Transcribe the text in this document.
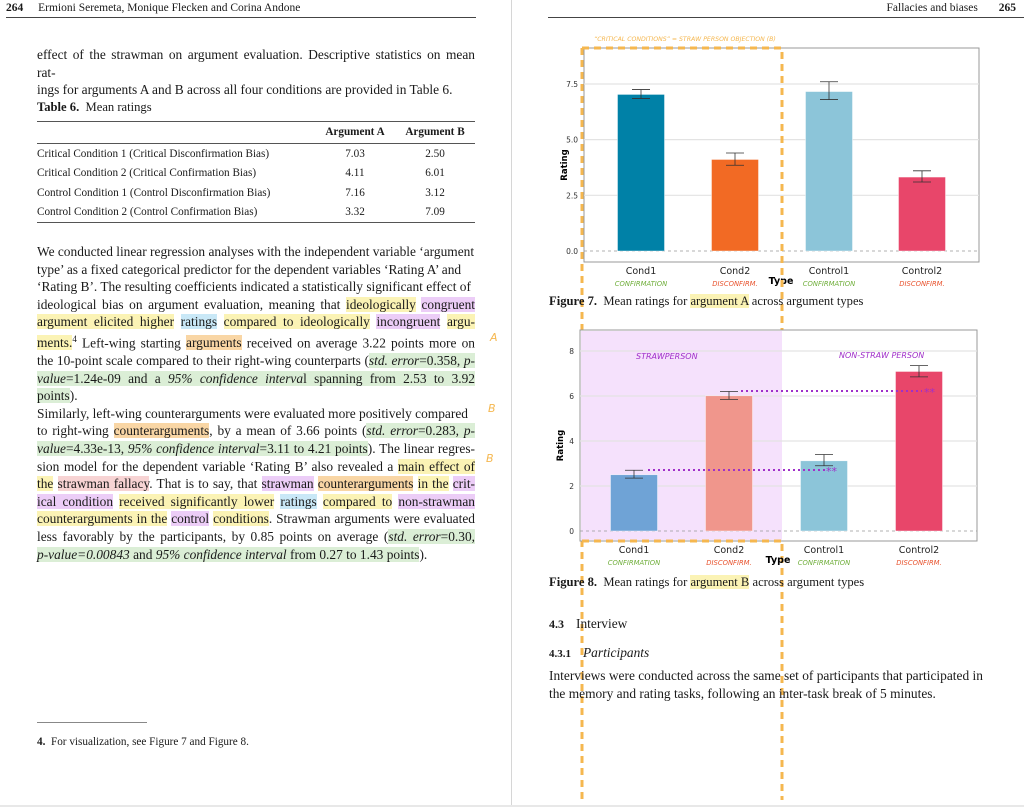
264 Ermioni Seremeta, Monique Flecken and Corina Andone
effect of the strawman on argument evaluation. Descriptive statistics on mean rat-
ings for arguments A and B across all four conditions are provided in Table 6.
Table 6. Mean ratings
	Argument A	Argument B
Critical Condition 1 (Critical Disconfirmation Bias)	7.03	2.50
Critical Condition 2 (Critical Confirmation Bias)	4.11	6.01
Control Condition 1 (Control Disconfirmation Bias)	7.16	3.12
Control Condition 2 (Control Confirmation Bias)	3.32	7.09
We conducted linear regression analyses with the independent variable ‘argument
type’ as a fixed categorical predictor for the dependent variables ‘Rating A’ and
‘Rating B’. The resulting coefficients indicated a statistically significant effect of
ideological bias on argument evaluation, meaning that ideologically congruent
argument elicited higher ratings compared to ideologically incongruent argu-
ments.$^4$ Left-wing starting arguments received on average 3.22 points more on
the 10-point scale compared to their right-wing counterparts (std. error=0.358, p-
value=1.24e-09 and a 95% confidence interval spanning from 2.53 to 3.92 points).
Similarly, left-wing counterarguments were evaluated more positively compared
to right-wing counterarguments, by a mean of 3.66 points (std. error=0.283, p-
value=4.33e-13, 95% confidence interval=3.11 to 4.21 points). The linear regres-
sion model for the dependent variable ‘Rating B’ also revealed a main effect of
the strawman fallacy. That is to say, that strawman counterarguments in the crit-
ical condition received significantly lower ratings compared to non-strawman
counterarguments in the control conditions. Strawman arguments were evaluated
less favorably by the participants, by 0.85 points on average (std. error=0.30,
p-value=0.00843 and 95% confidence interval from 0.27 to 1.43 points).
A
B
B
4. For visualization, see Figure 7 and Figure 8.
Fallacies and biases 265
0.0
2.5
5.0
7.5
Rating
Cond1
CONFIRMATION
Cond2
DISCONFIRM.
Control1
CONFIRMATION
Control2
DISCONFIRM.
Type
0
2
4
6
8
Rating
Cond1
CONFIRMATION
Cond2
DISCONFIRM.
Control1
CONFIRMATION
Control2
DISCONFIRM.
Type
“CRITICAL CONDITIONS” = STRAW PERSON OBJECTION (B)
STRAWPERSON	NON-STRAW PERSON
**
**
Figure 7. Mean ratings for argument A across argument types
Figure 8. Mean ratings for argument B across argument types
4.3 Interview
4.3.1 Participants
Interviews were conducted across the same set of participants that participated in
the memory and rating tasks, following an inter-task break of 5 minutes.
